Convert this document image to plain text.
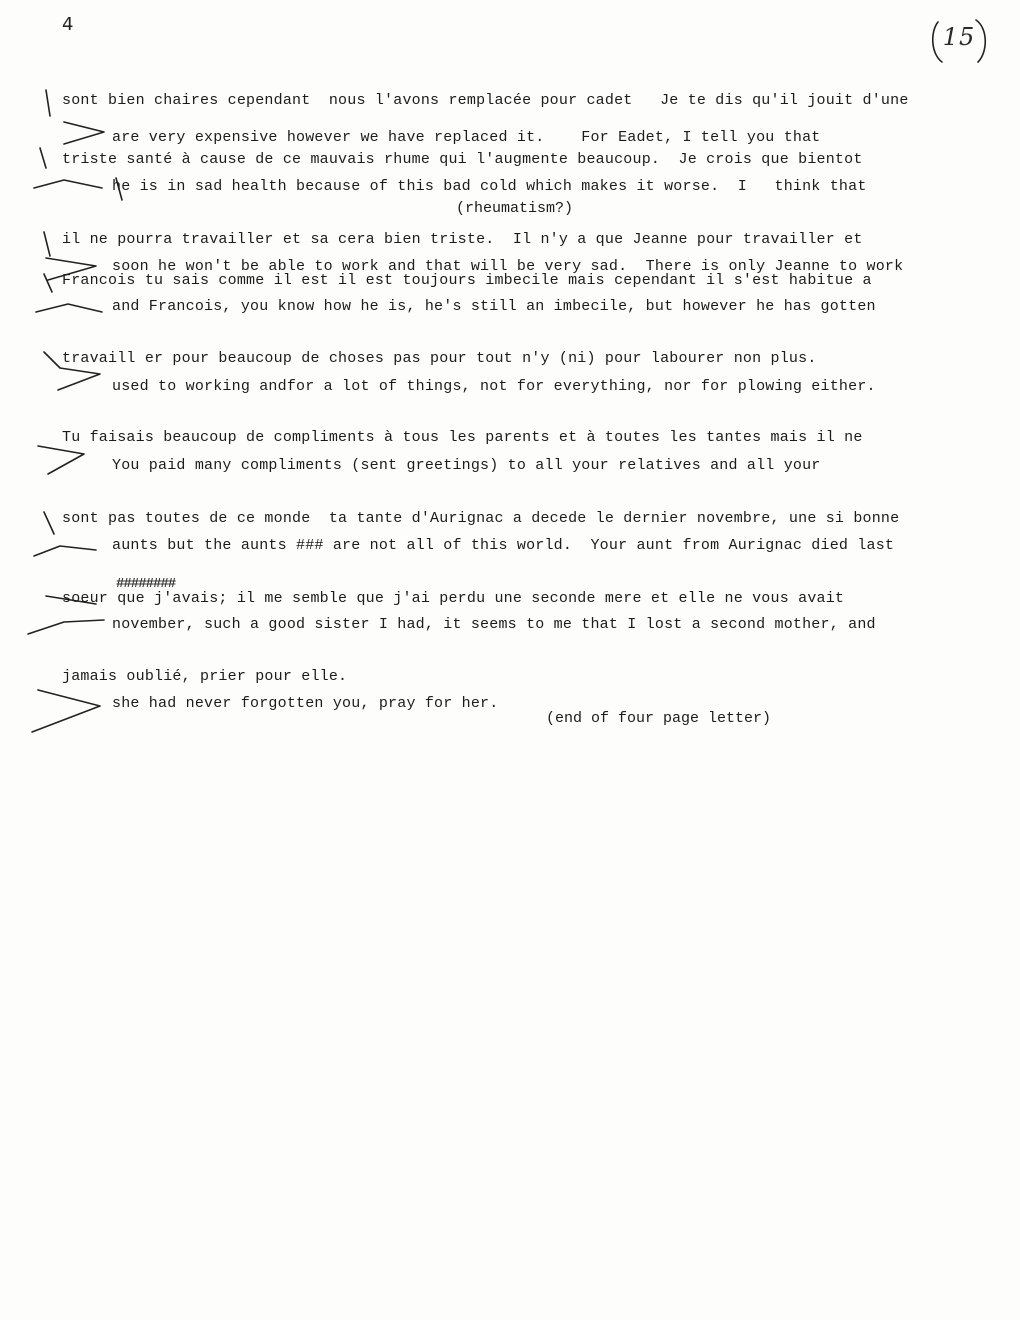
4	15
sont bien chaires cependant  nous l'avons remplacée pour cadet   Je te dis qu'il jouit d'une
are very expensive however we have replaced it.    For Eadet, I tell you that
triste santé à cause de ce mauvais rhume qui l'augmente beaucoup.  Je crois que bientot
he is in sad health because of this bad cold which makes it worse.  I   think that
(rheumatism?)
il ne pourra travailler et sa cera bien triste.  Il n'y a que Jeanne pour travailler et
soon he won't be able to work and that will be very sad.  There is only Jeanne to work
Francois tu sais comme il est il est toujours imbecile mais cependant il s'est habitue a
and Francois, you know how he is, he's still an imbecile, but however he has gotten
travaill er pour beaucoup de choses pas pour tout n'y (ni) pour labourer non plus.
used to working andfor a lot of things, not for everything, nor for plowing either.
Tu faisais beaucoup de compliments à tous les parents et à toutes les tantes mais il ne
You paid many compliments (sent greetings) to all your relatives and all your
sont pas toutes de ce monde  ta tante d'Aurignac a decede le dernier novembre, une si bonne
aunts but the aunts ### are not all of this world.  Your aunt from Aurignac died last
########
soeur que j'avais; il me semble que j'ai perdu une seconde mere et elle ne vous avait
november, such a good sister I had, it seems to me that I lost a second mother, and
jamais oublié, prier pour elle.
she had never forgotten you, pray for her.
(end of four page letter)
